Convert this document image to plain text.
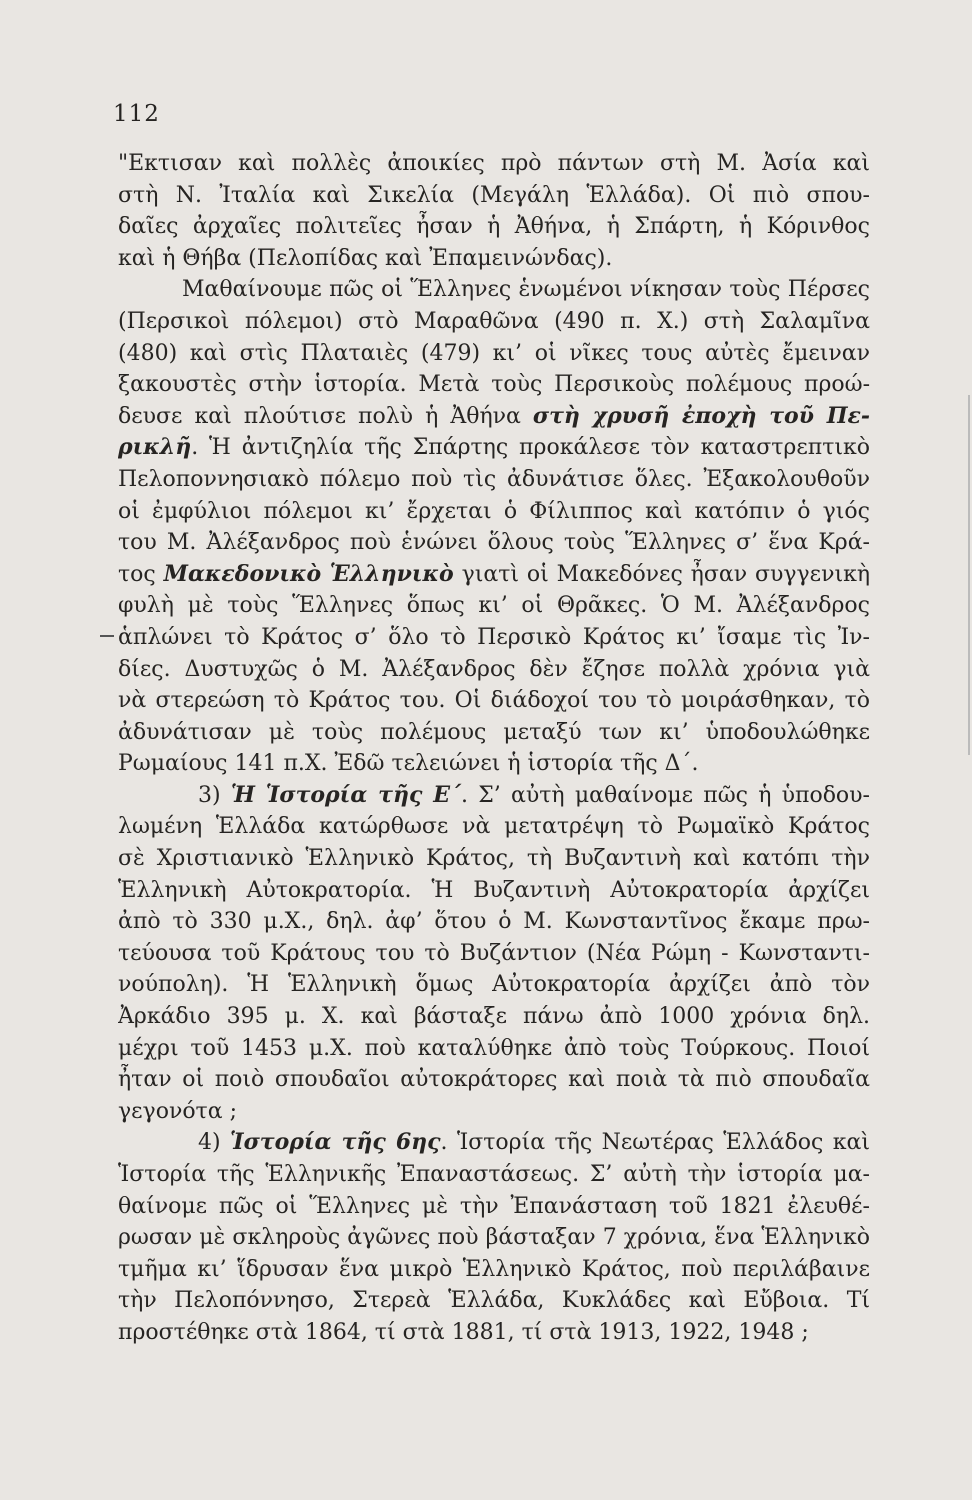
112
"Εκτισαν καὶ πολλὲς ἀποικίες πρὸ πάντων στὴ Μ. Ἀσία καὶ
στὴ Ν. Ἰταλία καὶ Σικελία (Μεγάλη Ἑλλάδα). Οἱ πιὸ σπου-
δαῖες ἀρχαῖες πολιτεῖες ἦσαν ἡ Ἀθήνα, ἡ Σπάρτη, ἡ Κόρινθος
καὶ ἡ Θήβα (Πελοπίδας καὶ Ἐπαμεινώνδας).
Μαθαίνουμε πῶς οἱ Ἕλληνες ἑνωμένοι νίκησαν τοὺς Πέρσες
(Περσικοὶ πόλεμοι) στὸ Μαραθῶνα (490 π. Χ.) στὴ Σαλαμῖνα
(480) καὶ στὶς Πλαταιὲς (479) κι’ οἱ νῖκες τους αὐτὲς ἔμειναν
ξακουστὲς στὴν ἱστορία. Μετὰ τοὺς Περσικοὺς πολέμους προώ-
δευσε καὶ πλούτισε πολὺ ἡ Ἀθήνα στὴ χρυσῆ ἐποχὴ τοῦ Πε-
ρικλῆ. Ἡ ἀντιζηλία τῆς Σπάρτης προκάλεσε τὸν καταστρεπτικὸ
Πελοποννησιακὸ πόλεμο ποὺ τὶς ἀδυνάτισε ὅλες. Ἐξακολουθοῦν
οἱ ἐμφύλιοι πόλεμοι κι’ ἔρχεται ὁ Φίλιππος καὶ κατόπιν ὁ γιός
του Μ. Ἀλέξανδρος ποὺ ἑνώνει ὅλους τοὺς Ἕλληνες σ’ ἕνα Κρά-
τος Μακεδονικὸ Ἑλληνικὸ γιατὶ οἱ Μακεδόνες ἦσαν συγγενικὴ
φυλὴ μὲ τοὺς Ἕλληνες ὅπως κι’ οἱ Θρᾶκες. Ὁ Μ. Ἀλέξανδρος
ἁπλώνει τὸ Κράτος σ’ ὅλο τὸ Περσικὸ Κράτος κι’ ἴσαμε τὶς Ἰν-
δίες. Δυστυχῶς ὁ Μ. Ἀλέξανδρος δὲν ἔζησε πολλὰ χρόνια γιὰ
νὰ στερεώση τὸ Κράτος του. Οἱ διάδοχοί του τὸ μοιράσθηκαν, τὸ
ἀδυνάτισαν μὲ τοὺς πολέμους μεταξύ των κι’ ὑποδουλώθηκε
Ρωμαίους 141 π.Χ. Ἐδῶ τελειώνει ἡ ἱστορία τῆς Δ΄.
3) Ἡ Ἱστορία τῆς Ε΄. Σ’ αὐτὴ μαθαίνομε πῶς ἡ ὑποδου-
λωμένη Ἑλλάδα κατώρθωσε νὰ μετατρέψη τὸ Ρωμαϊκὸ Κράτος
σὲ Χριστιανικὸ Ἑλληνικὸ Κράτος, τὴ Βυζαντινὴ καὶ κατόπι τὴν
Ἑλληνικὴ Αὐτοκρατορία. Ἡ Βυζαντινὴ Αὐτοκρατορία ἀρχίζει
ἀπὸ τὸ 330 μ.Χ., δηλ. ἀφ’ ὅτου ὁ Μ. Κωνσταντῖνος ἔκαμε πρω-
τεύουσα τοῦ Κράτους του τὸ Βυζάντιον (Νέα Ρώμη - Κωνσταντι-
νούπολη). Ἡ Ἑλληνικὴ ὅμως Αὐτοκρατορία ἀρχίζει ἀπὸ τὸν
Ἀρκάδιο 395 μ. Χ. καὶ βάσταξε πάνω ἀπὸ 1000 χρόνια δηλ.
μέχρι τοῦ 1453 μ.Χ. ποὺ καταλύθηκε ἀπὸ τοὺς Τούρκους. Ποιοί
ἦταν οἱ ποιὸ σπουδαῖοι αὐτοκράτορες καὶ ποιὰ τὰ πιὸ σπουδαῖα
γεγονότα ;
4) Ἱστορία τῆς 6ης. Ἱστορία τῆς Νεωτέρας Ἑλλάδος καὶ
Ἱστορία τῆς Ἑλληνικῆς Ἐπαναστάσεως. Σ’ αὐτὴ τὴν ἱστορία μα-
θαίνομε πῶς οἱ Ἕλληνες μὲ τὴν Ἐπανάσταση τοῦ 1821 ἐλευθέ-
ρωσαν μὲ σκληροὺς ἀγῶνες ποὺ βάσταξαν 7 χρόνια, ἕνα Ἑλληνικὸ
τμῆμα κι’ ἵδρυσαν ἕνα μικρὸ Ἑλληνικὸ Κράτος, ποὺ περιλάβαινε
τὴν Πελοπόννησο, Στερεὰ Ἑλλάδα, Κυκλάδες καὶ Εὔβοια. Τί
προστέθηκε στὰ 1864, τί στὰ 1881, τί στὰ 1913, 1922, 1948 ;
